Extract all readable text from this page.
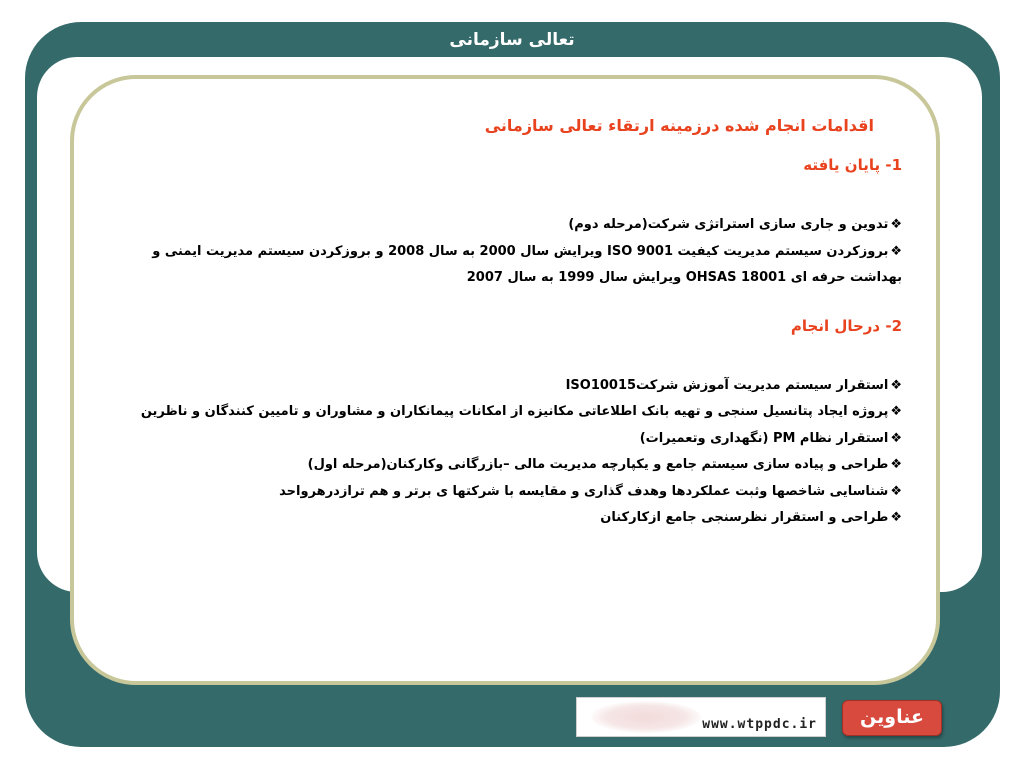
تعالی سازمانی
اقدامات انجام شده درزمینه ارتقاء تعالی سازمانی
1- پایان یافته
❖تدوین و جاری سازی استراتژی شرکت(مرحله دوم)
❖بروزکردن سیستم مدیریت کیفیت ISO 9001 ویرایش سال 2000 به سال 2008 و بروزکردن سیستم مدیریت ایمنی و بهداشت حرفه ای OHSAS 18001 ویرایش سال 1999 به سال 2007
2- درحال انجام
❖استقرار سیستم مدیریت آموزش شرکتISO10015
❖پروژه ایجاد پتانسیل سنجی و تهیه بانک اطلاعاتی مکانیزه از امکانات پیمانکاران و مشاوران و تامیین کنندگان و ناظرین
❖استقرار نظام PM (نگهداری وتعمیرات)
❖طراحی و پیاده سازی سیستم جامع و یکپارچه مدیریت مالی –بازرگانی وکارکنان(مرحله اول)
❖شناسایی شاخصها وثبت عملکردها وهدف گذاری و مقایسه با شرکتها ی برتر و هم ترازدرهرواحد
❖طراحی و استقرار نظرسنجی جامع ازکارکنان
www.wtppdc.ir	عناوین
